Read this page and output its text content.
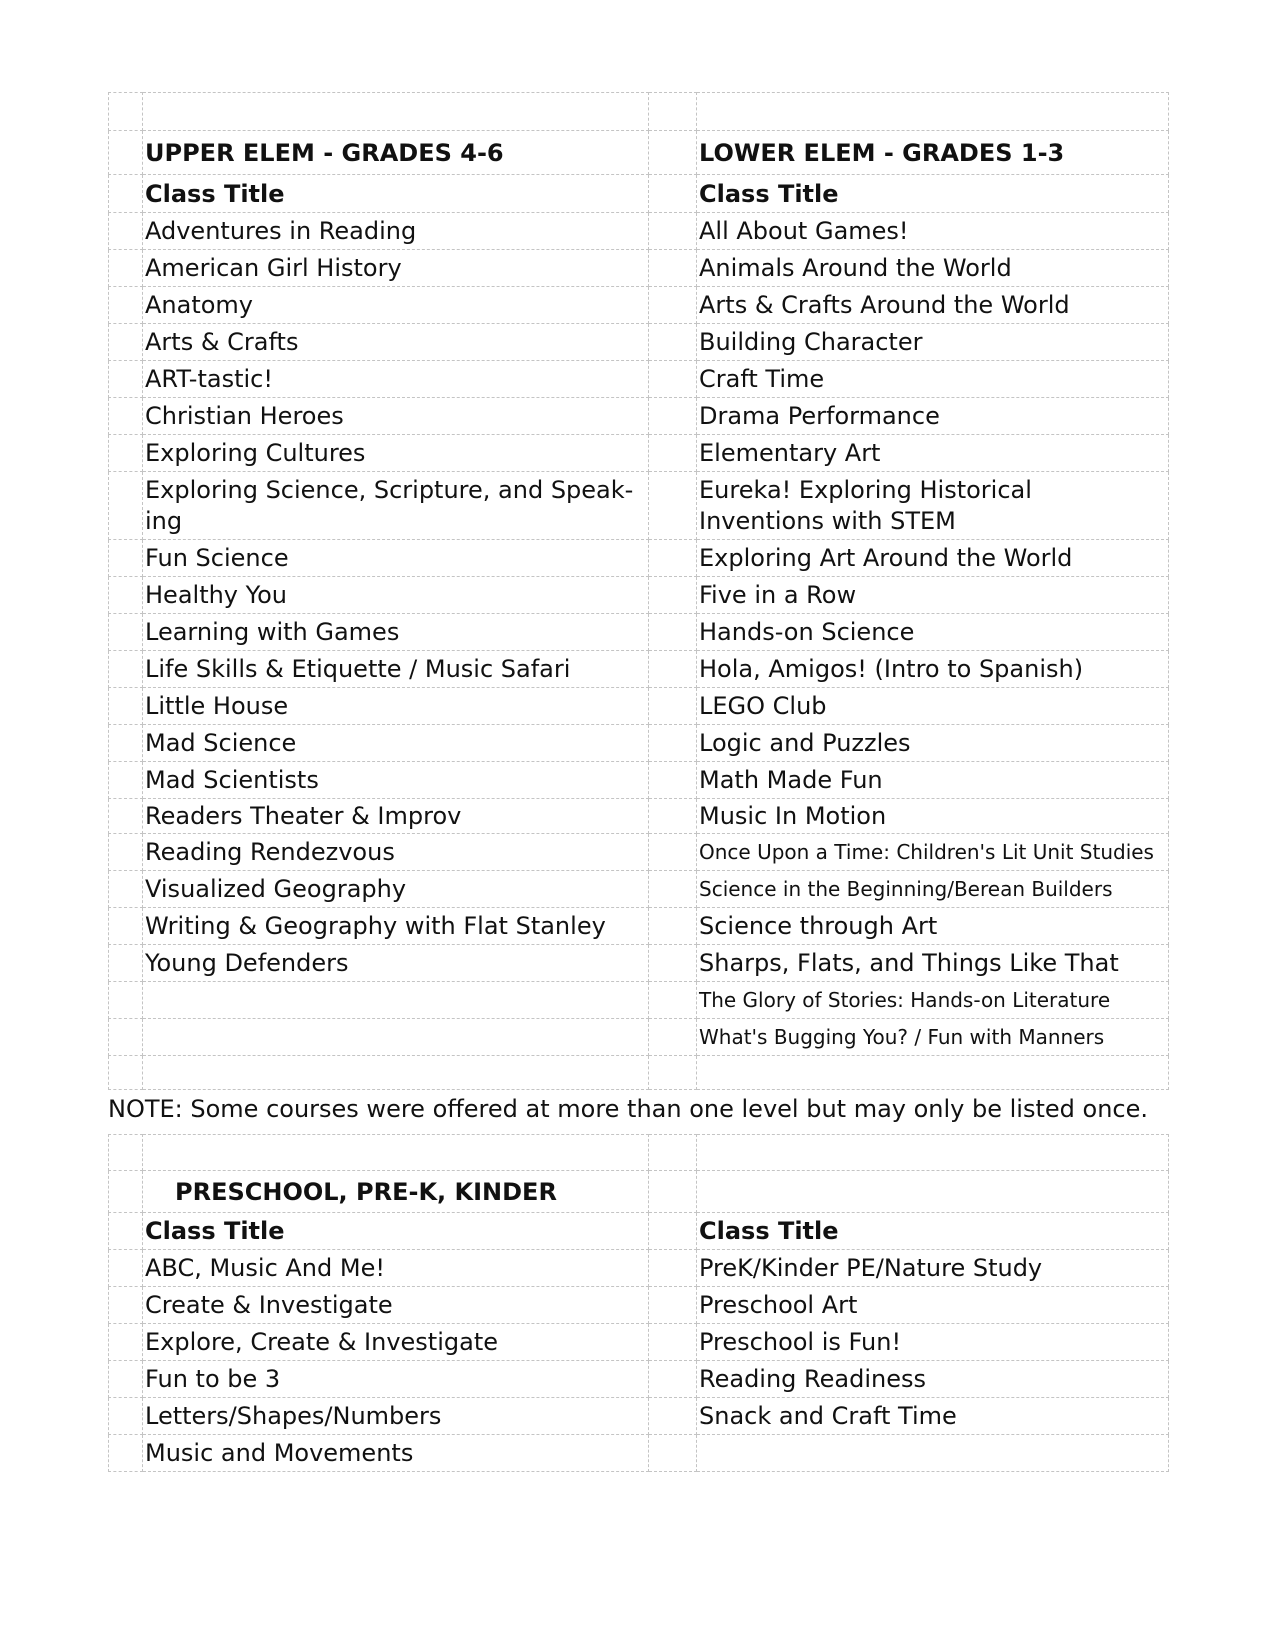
	UPPER ELEM - GRADES 4-6		LOWER ELEM - GRADES 1-3
	Class Title		Class Title
	Adventures in Reading		All About Games!
	American Girl History		Animals Around the World
	Anatomy		Arts & Crafts Around the World
	Arts & Crafts		Building Character
	ART-tastic!		Craft Time
	Christian Heroes		Drama Performance
	Exploring Cultures		Elementary Art
	Exploring Science, Scripture, and Speak-ing		Eureka! Exploring Historical Inventions with STEM
	Fun Science		Exploring Art Around the World
	Healthy You		Five in a Row
	Learning with Games		Hands-on Science
	Life Skills & Etiquette / Music Safari		Hola, Amigos! (Intro to Spanish)
	Little House		LEGO Club
	Mad Science		Logic and Puzzles
	Mad Scientists		Math Made Fun
	Readers Theater & Improv		Music In Motion
	Reading Rendezvous		Once Upon a Time: Children's Lit Unit Studies
	Visualized Geography		Science in the Beginning/Berean Builders
	Writing & Geography with Flat Stanley		Science through Art
	Young Defenders		Sharps, Flats, and Things Like That
			The Glory of Stories: Hands-on Literature
			What's Bugging You? / Fun with Manners

NOTE: Some courses were offered at more than one level but may only be listed once.

	PRESCHOOL, PRE-K, KINDER		
	Class Title		Class Title
	ABC, Music And Me!		PreK/Kinder PE/Nature Study
	Create & Investigate		Preschool Art
	Explore, Create & Investigate		Preschool is Fun!
	Fun to be 3		Reading Readiness
	Letters/Shapes/Numbers		Snack and Craft Time
	Music and Movements		
